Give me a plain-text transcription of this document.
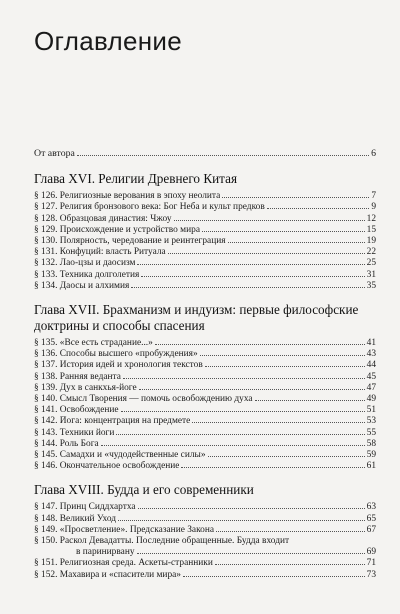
Оглавление
От автора	6
Глава XVI. Религии Древнего Китая
§ 126. Религиозные верования в эпоху неолита	7
§ 127. Религия бронзового века: Бог Неба и культ предков	9
§ 128. Образцовая династия: Чжоу	12
§ 129. Происхождение и устройство мира	15
§ 130. Полярность, чередование и реинтеграция	19
§ 131. Конфуций: власть Ритуала	22
§ 132. Лао-цзы и даосизм	25
§ 133. Техника долголетия	31
§ 134. Даосы и алхимия	35
Глава XVII. Брахманизм и индуизм: первые философские доктрины и способы спасения
§ 135. «Все есть страдание...»	41
§ 136. Способы высшего «пробуждения»	43
§ 137. История идей и хронология текстов	44
§ 138. Ранняя веданта	45
§ 139. Дух в санкхья-йоге	47
§ 140. Смысл Творения — помочь освобождению духа	49
§ 141. Освобождение	51
§ 142. Йога: концентрация на предмете	53
§ 143. Техники йоги	55
§ 144. Роль Бога	58
§ 145. Самадхи и «чудодейственные силы»	59
§ 146. Окончательное освобождение	61
Глава XVIII. Будда и его современники
§ 147. Принц Сиддхартха	63
§ 148. Великий Уход	65
§ 149. «Просветление». Предсказание Закона	67
§ 150. Раскол Девадатты. Последние обращенные. Будда входит
в паринирвану	69
§ 151. Религиозная среда. Аскеты-странники	71
§ 152. Махавира и «спасители мира»	73
